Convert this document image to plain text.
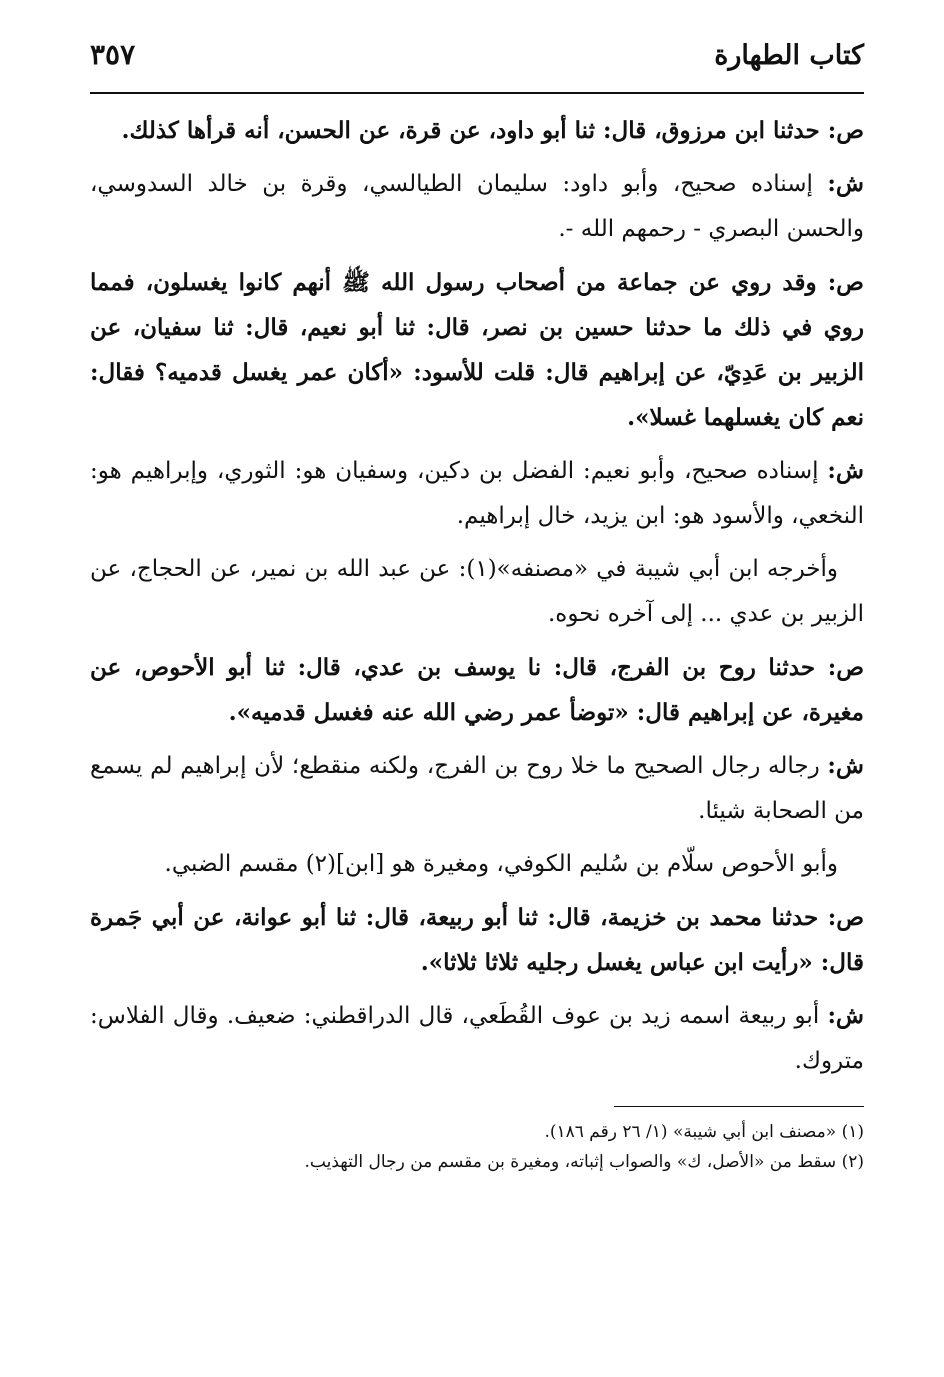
كتاب الطهارة
٣٥٧

ص: حدثنا ابن مرزوق، قال: ثنا أبو داود، عن قرة، عن الحسن، أنه قرأها كذلك.

ش: إسناده صحيح، وأبو داود: سليمان الطيالسي، وقرة بن خالد السدوسي، والحسن البصري - رحمهم الله -.

ص: وقد روي عن جماعة من أصحاب رسول الله ﷺ أنهم كانوا يغسلون، فمما روي في ذلك ما حدثنا حسين بن نصر، قال: ثنا أبو نعيم، قال: ثنا سفيان، عن الزبير بن عَدِيّ، عن إبراهيم قال: قلت للأسود: «أكان عمر يغسل قدميه؟ فقال: نعم كان يغسلهما غسلا».

ش: إسناده صحيح، وأبو نعيم: الفضل بن دكين، وسفيان هو: الثوري، وإبراهيم هو: النخعي، والأسود هو: ابن يزيد، خال إبراهيم.

وأخرجه ابن أبي شيبة في «مصنفه»(١): عن عبد الله بن نمير، عن الحجاج، عن الزبير بن عدي ... إلى آخره نحوه.

ص: حدثنا روح بن الفرج، قال: نا يوسف بن عدي، قال: ثنا أبو الأحوص، عن مغيرة، عن إبراهيم قال: «توضأ عمر رضي الله عنه فغسل قدميه».

ش: رجاله رجال الصحيح ما خلا روح بن الفرج، ولكنه منقطع؛ لأن إبراهيم لم يسمع من الصحابة شيئا.

وأبو الأحوص سلّام بن سُليم الكوفي، ومغيرة هو [ابن](٢) مقسم الضبي.

ص: حدثنا محمد بن خزيمة، قال: ثنا أبو ربيعة، قال: ثنا أبو عوانة، عن أبي جَمرة قال: «رأيت ابن عباس يغسل رجليه ثلاثا ثلاثا».

ش: أبو ربيعة اسمه زيد بن عوف القُطَعي، قال الدراقطني: ضعيف. وقال الفلاس: متروك.

(١) «مصنف ابن أبي شيبة» (١/ ٢٦ رقم ١٨٦).

(٢) سقط من «الأصل، ك» والصواب إثباته، ومغيرة بن مقسم من رجال التهذيب.
